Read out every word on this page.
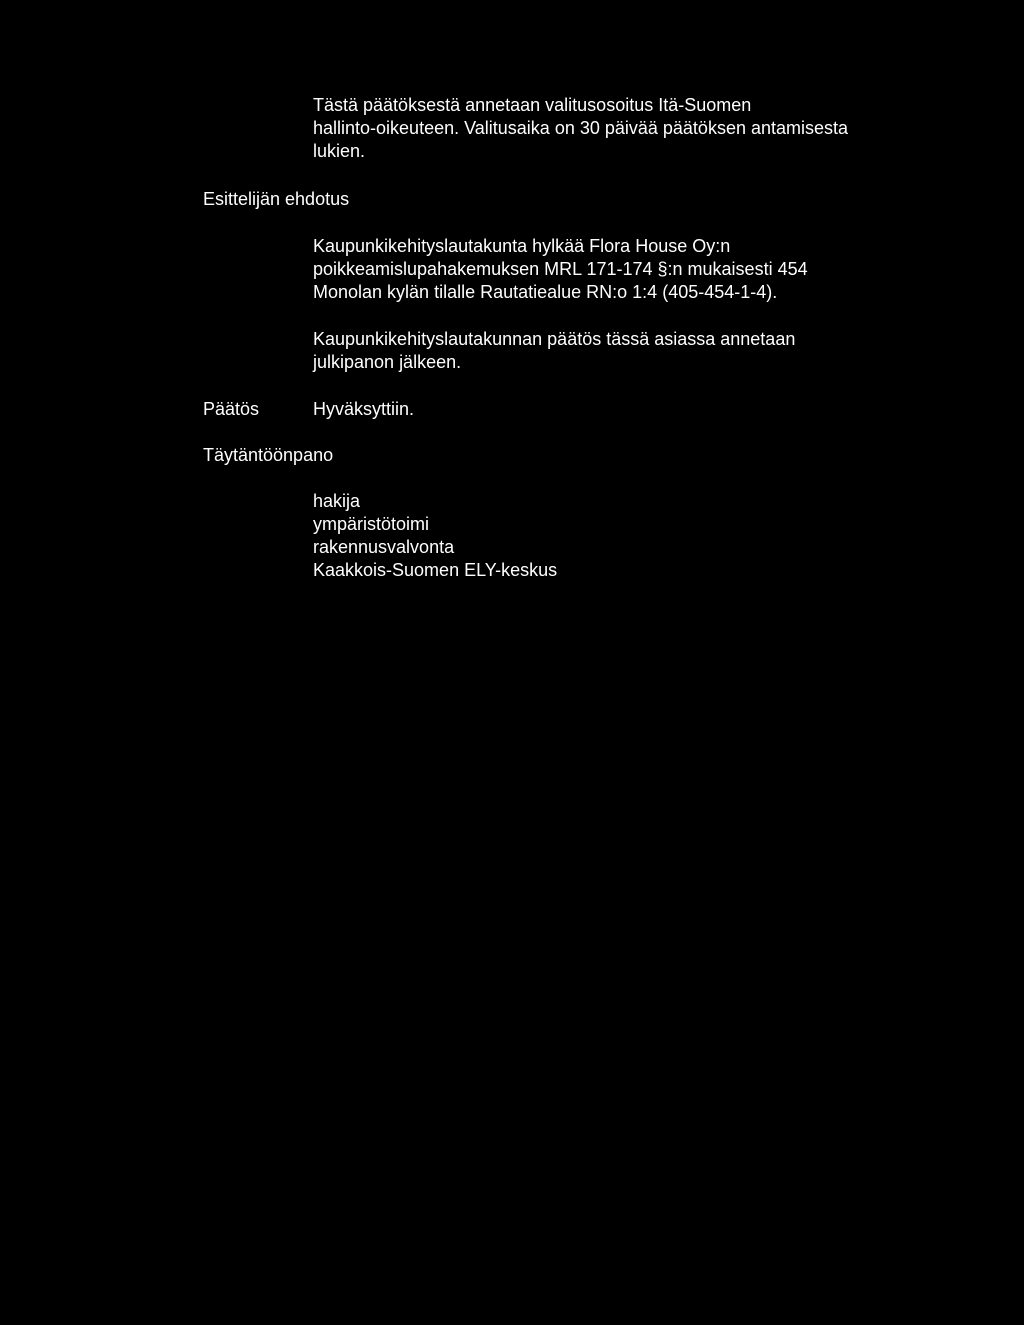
Tästä päätöksestä annetaan valitusosoitus Itä-Suomen
hallinto-oikeuteen. Valitusaika on 30 päivää päätöksen antamisesta
lukien.
Esittelijän ehdotus
Kaupunkikehityslautakunta hylkää Flora House Oy:n
poikkeamislupahakemuksen MRL 171-174 §:n mukaisesti 454
Monolan kylän tilalle Rautatiealue RN:o 1:4 (405-454-1-4).
Kaupunkikehityslautakunnan päätös tässä asiassa annetaan
julkipanon jälkeen.
Päätös	Hyväksyttiin.
Täytäntöönpano
hakija
ympäristötoimi
rakennusvalvonta
Kaakkois-Suomen ELY-keskus
